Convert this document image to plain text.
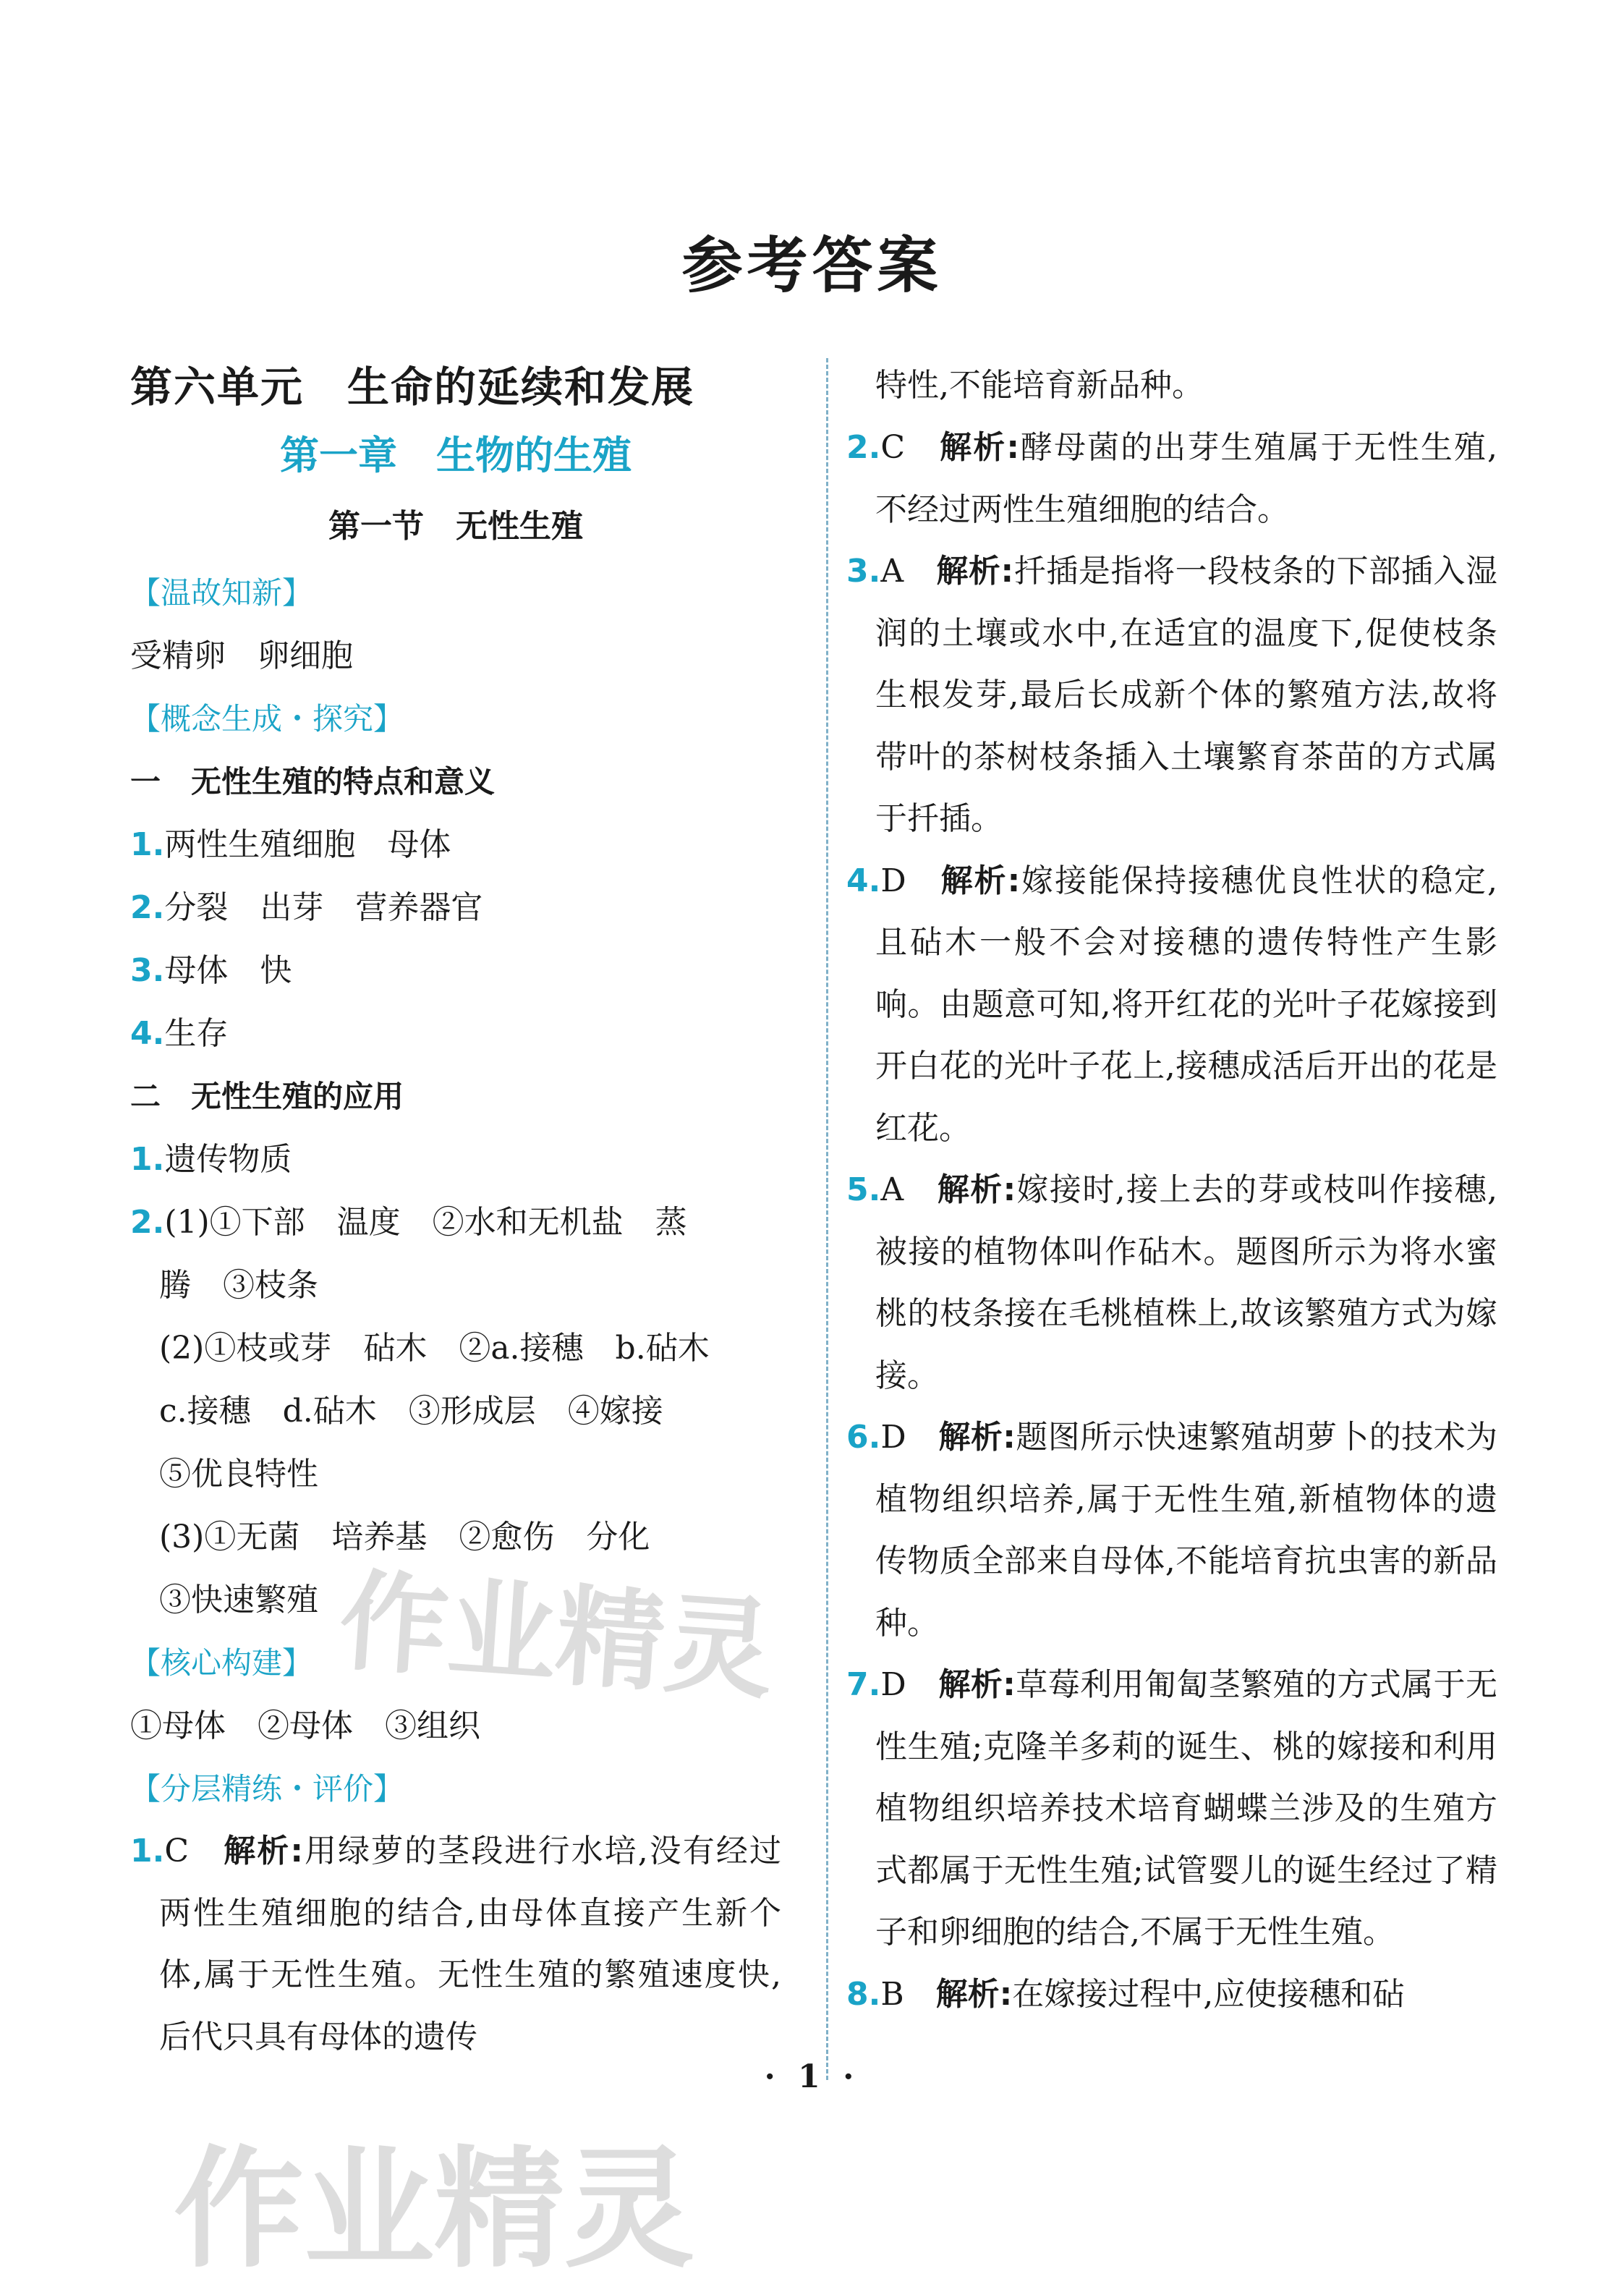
参考答案
第六单元　生命的延续和发展
第一章　生物的生殖
第一节　无性生殖
【温故知新】
受精卵　卵细胞
【概念生成・探究】
一　无性生殖的特点和意义
1.两性生殖细胞　母体
2.分裂　出芽　营养器官
3.母体　快
4.生存
二　无性生殖的应用
1.遗传物质
2.(1)①下部　温度　②水和无机盐　蒸
腾　③枝条
(2)①枝或芽　砧木　②a.接穗　b.砧木
c.接穗　d.砧木　③形成层　④嫁接
⑤优良特性
(3)①无菌　培养基　②愈伤　分化
③快速繁殖
【核心构建】
①母体　②母体　③组织
【分层精练・评价】
1.C　 解析:用绿萝的茎段进行水培,没有经过两性生殖细胞的结合,由母体直接产生新个体,属于无性生殖。无性生殖的繁殖速度快,后代只具有母体的遗传
特性,不能培育新品种。
2.C　 解析:酵母菌的出芽生殖属于无性生殖,不经过两性生殖细胞的结合。
3.A　 解析:扦插是指将一段枝条的下部插入湿润的土壤或水中,在适宜的温度下,促使枝条生根发芽,最后长成新个体的繁殖方法,故将带叶的茶树枝条插入土壤繁育茶苗的方式属于扦插。
4.D　 解析:嫁接能保持接穗优良性状的稳定,且砧木一般不会对接穗的遗传特性产生影响。由题意可知,将开红花的光叶子花嫁接到开白花的光叶子花上,接穗成活后开出的花是红花。
5.A　 解析:嫁接时,接上去的芽或枝叫作接穗,被接的植物体叫作砧木。题图所示为将水蜜桃的枝条接在毛桃植株上,故该繁殖方式为嫁接。
6.D　 解析:题图所示快速繁殖胡萝卜的技术为植物组织培养,属于无性生殖,新植物体的遗传物质全部来自母体,不能培育抗虫害的新品种。
7.D　 解析:草莓利用匍匐茎繁殖的方式属于无性生殖;克隆羊多莉的诞生、桃的嫁接和利用植物组织培养技术培育蝴蝶兰涉及的生殖方式都属于无性生殖;试管婴儿的诞生经过了精子和卵细胞的结合,不属于无性生殖。
8.B　 解析:在嫁接过程中,应使接穗和砧
· 1 ·
作业精灵
作业精灵
